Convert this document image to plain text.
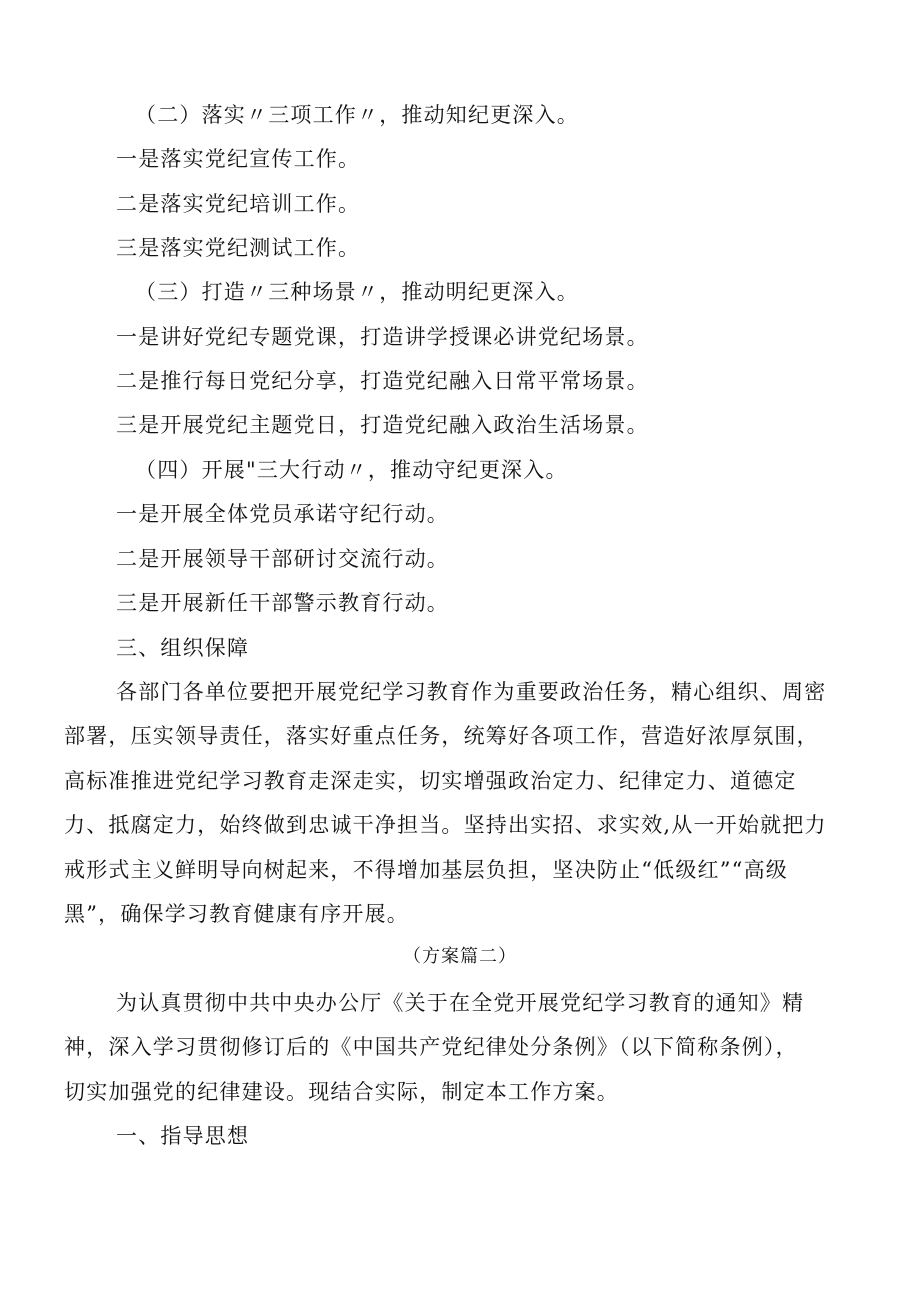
（二）落实〃三项工作〃，推动知纪更深入。
一是落实党纪宣传工作。
二是落实党纪培训工作。
三是落实党纪测试工作。
（三）打造〃三种场景〃，推动明纪更深入。
一是讲好党纪专题党课，打造讲学授课必讲党纪场景。
二是推行每日党纪分享，打造党纪融入日常平常场景。
三是开展党纪主题党日，打造党纪融入政治生活场景。
（四）开展"三大行动〃，推动守纪更深入。
一是开展全体党员承诺守纪行动。
二是开展领导干部研讨交流行动。
三是开展新任干部警示教育行动。
三、组织保障
各部门各单位要把开展党纪学习教育作为重要政治任务，精心组织、周密
部署，压实领导责任，落实好重点任务，统筹好各项工作，营造好浓厚氛围，
高标准推进党纪学习教育走深走实，切实增强政治定力、纪律定力、道德定
力、抵腐定力，始终做到忠诚干净担当。坚持出实招、求实效,从一开始就把力
戒形式主义鲜明导向树起来，不得增加基层负担，坚决防止“低级红”“高级
黑”，确保学习教育健康有序开展。
（方案篇二）
为认真贯彻中共中央办公厅《关于在全党开展党纪学习教育的通知》精
神，深入学习贯彻修订后的《中国共产党纪律处分条例》（以下简称条例），
切实加强党的纪律建设。现结合实际，制定本工作方案。
一、指导思想
